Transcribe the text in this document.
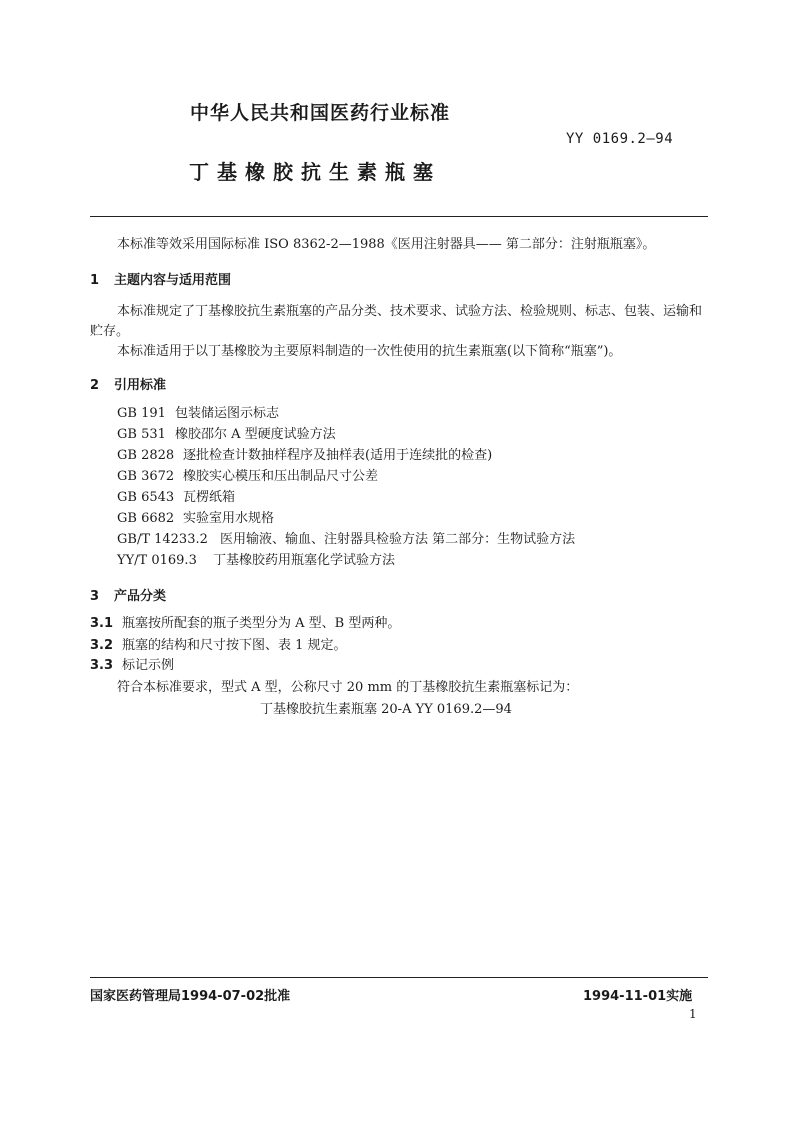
中华人民共和国医药行业标准
YY 0169.2—94
丁基橡胶抗生素瓶塞
本标准等效采用国际标准 ISO 8362-2—1988《医用注射器具—— 第二部分：注射瓶瓶塞》。
1 主题内容与适用范围
本标准规定了丁基橡胶抗生素瓶塞的产品分类、技术要求、试验方法、检验规则、标志、包装、运输和
贮存。
本标准适用于以丁基橡胶为主要原料制造的一次性使用的抗生素瓶塞(以下简称“瓶塞”)。
2 引用标准
GB 191 包装储运图示标志
GB 531 橡胶邵尔 A 型硬度试验方法
GB 2828 逐批检查计数抽样程序及抽样表(适用于连续批的检查)
GB 3672 橡胶实心模压和压出制品尺寸公差
GB 6543 瓦楞纸箱
GB 6682 实验室用水规格
GB/T 14233.2 医用输液、输血、注射器具检验方法 第二部分：生物试验方法
YY/T 0169.3 丁基橡胶药用瓶塞化学试验方法
3 产品分类
3.1 瓶塞按所配套的瓶子类型分为 A 型、B 型两种。
3.2 瓶塞的结构和尺寸按下图、表 1 规定。
3.3 标记示例
符合本标准要求，型式 A 型，公称尺寸 20 mm 的丁基橡胶抗生素瓶塞标记为：
丁基橡胶抗生素瓶塞 20-A YY 0169.2—94
国家医药管理局1994-07-02批准	1994-11-01实施
1
